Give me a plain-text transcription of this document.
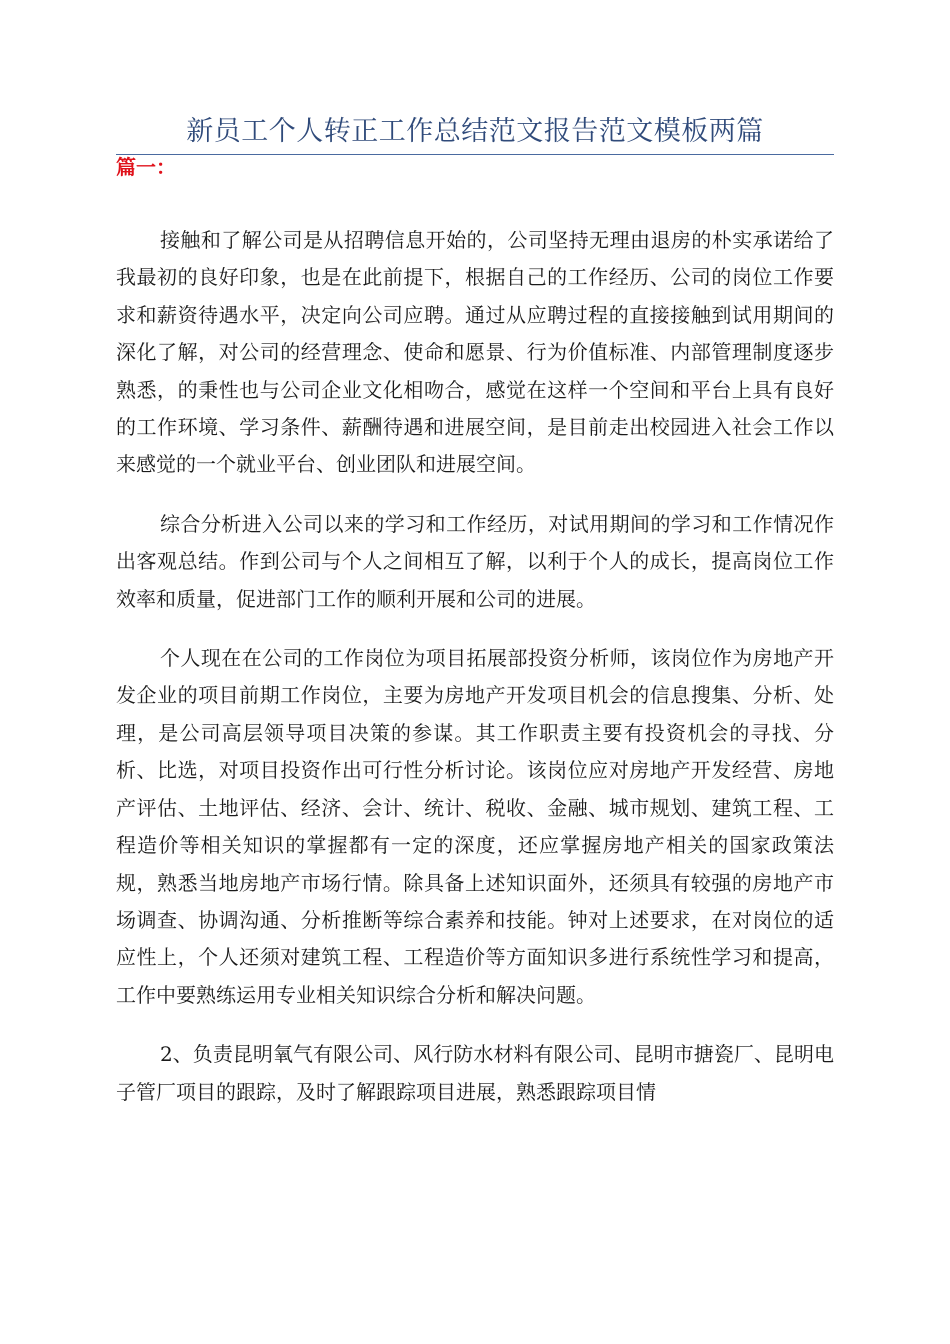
新员工个人转正工作总结范文报告范文模板两篇
篇一：

接触和了解公司是从招聘信息开始的，公司坚持无理由退房的朴实承诺给了我最初的良好印象，也是在此前提下，根据自己的工作经历、公司的岗位工作要求和薪资待遇水平，决定向公司应聘。通过从应聘过程的直接接触到试用期间的深化了解，对公司的经营理念、使命和愿景、行为价值标准、内部管理制度逐步熟悉，的秉性也与公司企业文化相吻合，感觉在这样一个空间和平台上具有良好的工作环境、学习条件、薪酬待遇和进展空间，是目前走出校园进入社会工作以来感觉的一个就业平台、创业团队和进展空间。

综合分析进入公司以来的学习和工作经历，对试用期间的学习和工作情况作出客观总结。作到公司与个人之间相互了解，以利于个人的成长，提高岗位工作效率和质量，促进部门工作的顺利开展和公司的进展。

个人现在在公司的工作岗位为项目拓展部投资分析师，该岗位作为房地产开发企业的项目前期工作岗位，主要为房地产开发项目机会的信息搜集、分析、处理，是公司高层领导项目决策的参谋。其工作职责主要有投资机会的寻找、分析、比选，对项目投资作出可行性分析讨论。该岗位应对房地产开发经营、房地产评估、土地评估、经济、会计、统计、税收、金融、城市规划、建筑工程、工程造价等相关知识的掌握都有一定的深度，还应掌握房地产相关的国家政策法规，熟悉当地房地产市场行情。除具备上述知识面外，还须具有较强的房地产市场调查、协调沟通、分析推断等综合素养和技能。钟对上述要求，在对岗位的适应性上，个人还须对建筑工程、工程造价等方面知识多进行系统性学习和提高，工作中要熟练运用专业相关知识综合分析和解决问题。

2、负责昆明氧气有限公司、风行防水材料有限公司、昆明市搪瓷厂、昆明电子管厂项目的跟踪，及时了解跟踪项目进展，熟悉跟踪项目情
